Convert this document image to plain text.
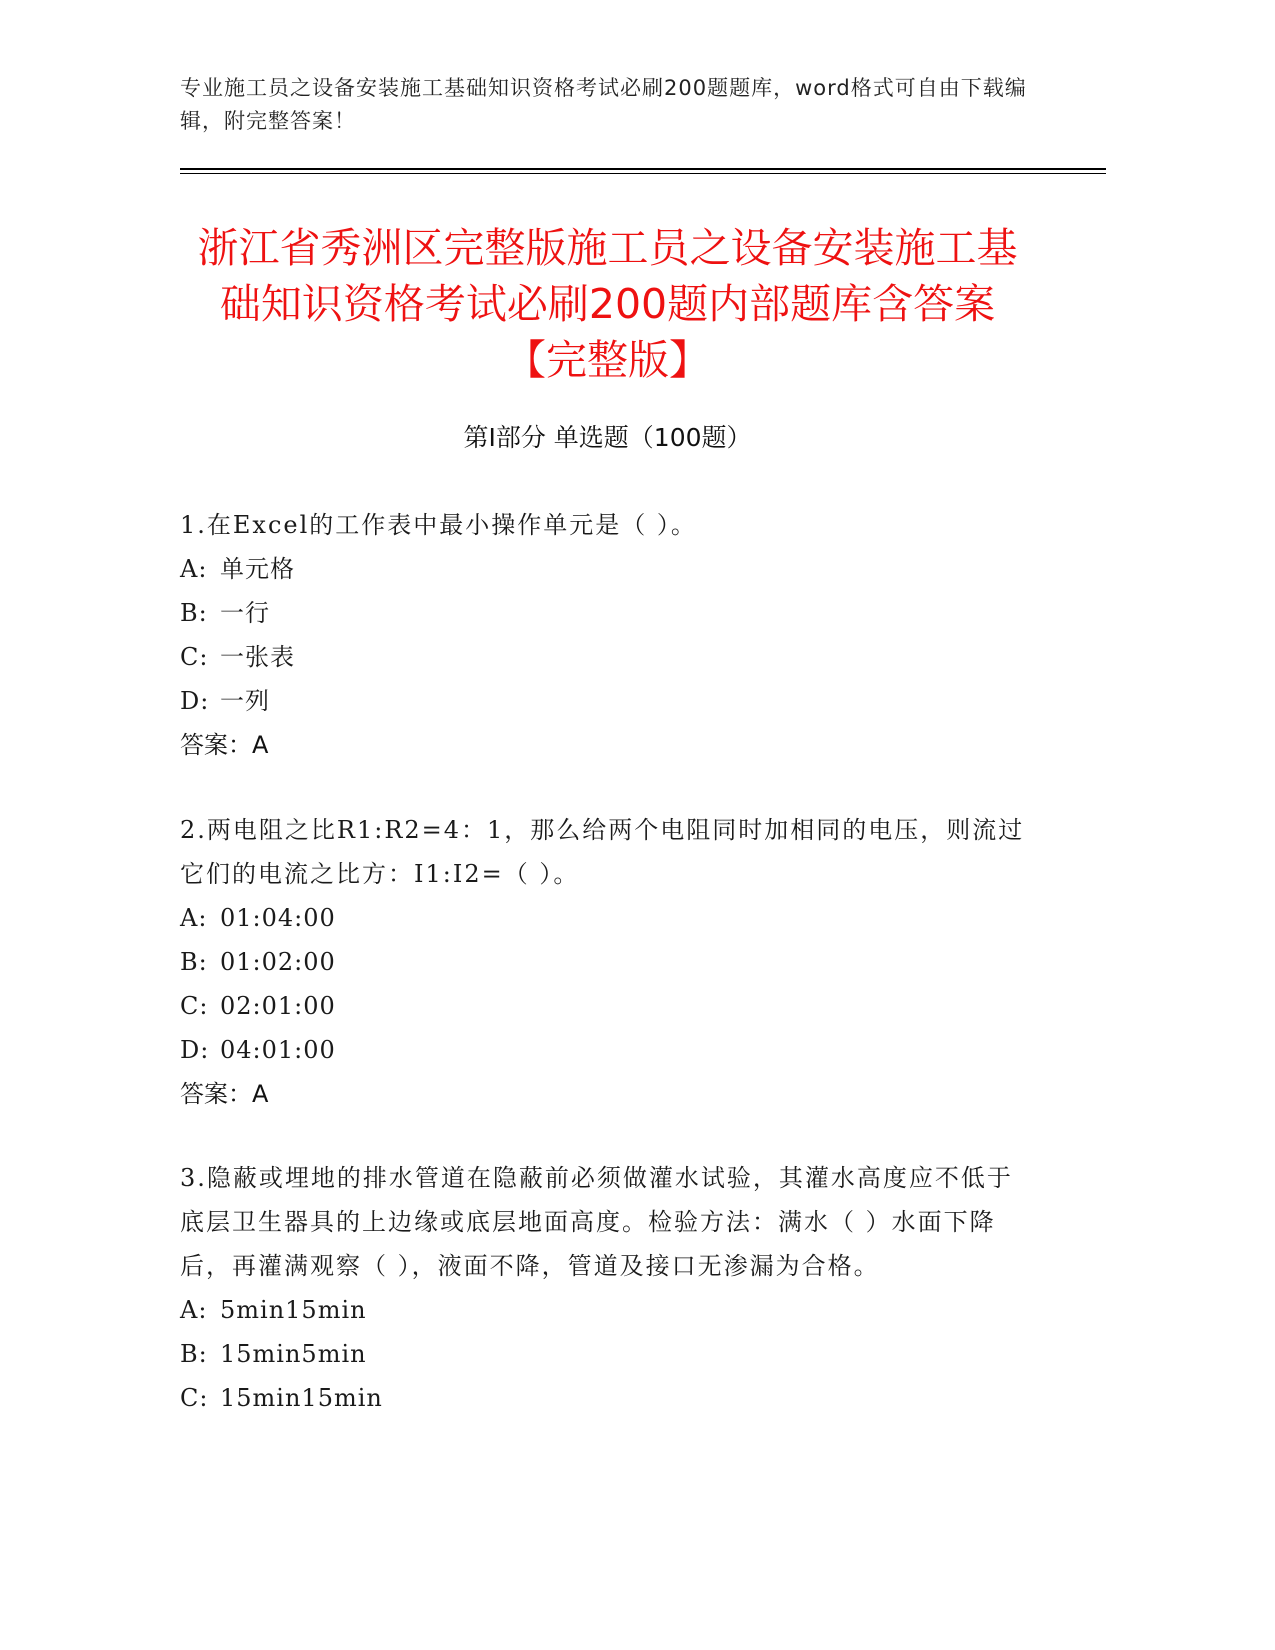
专业施工员之设备安装施工基础知识资格考试必刷200题题库，word格式可自由下载编辑，附完整答案！
浙江省秀洲区完整版施工员之设备安装施工基础知识资格考试必刷200题内部题库含答案【完整版】
第I部分 单选题（100题）
1.在Excel的工作表中最小操作单元是（ ）。
A: 单元格
B: 一行
C: 一张表
D: 一列
答案：A
2.两电阻之比R1:R2=4：1，那么给两个电阻同时加相同的电压，则流过它们的电流之比方：I1:I2=（ ）。
A: 01:04:00
B: 01:02:00
C: 02:01:00
D: 04:01:00
答案：A
3.隐蔽或埋地的排水管道在隐蔽前必须做灌水试验，其灌水高度应不低于底层卫生器具的上边缘或底层地面高度。检验方法：满水（ ）水面下降后，再灌满观察（ ），液面不降，管道及接口无渗漏为合格。
A: 5min15min
B: 15min5min
C: 15min15min
